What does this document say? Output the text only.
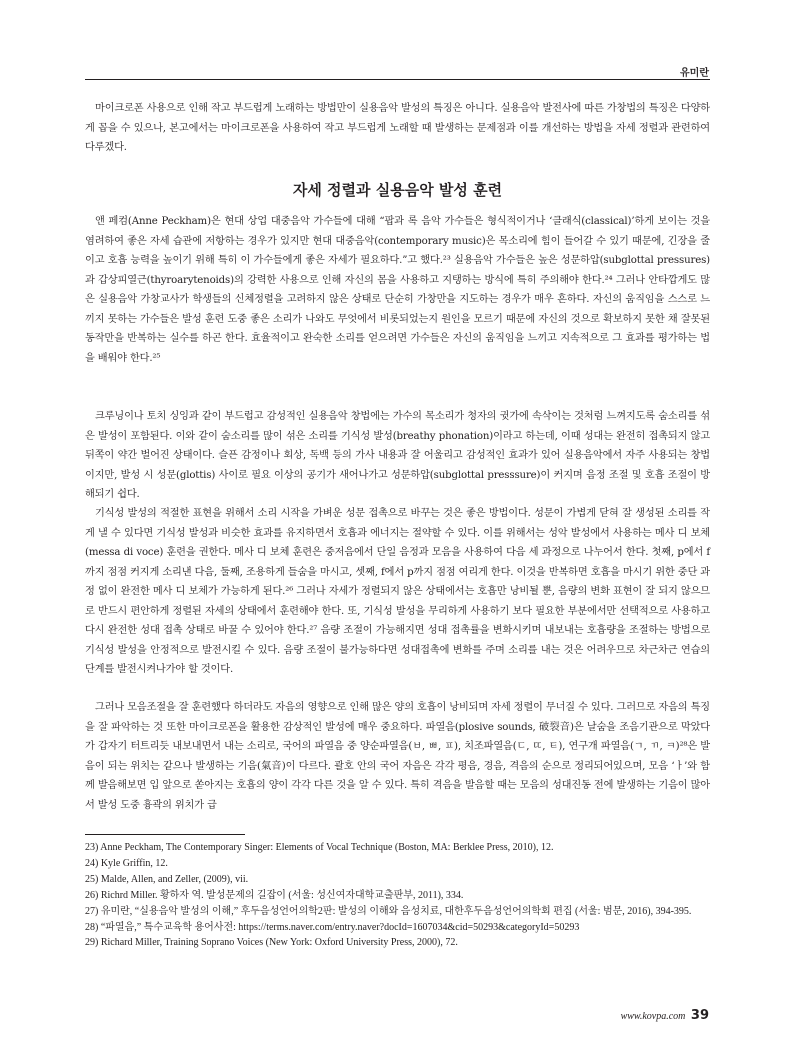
유미란

마이크로폰 사용으로 인해 작고 부드럽게 노래하는 방법만이 실용음악 발성의 특징은 아니다. 실용음악 발전사에 따른 가창법의 특징은 다양하게 꼽을 수 있으나, 본고에서는 마이크로폰을 사용하여 작고 부드럽게 노래할 때 발생하는 문제점과 이를 개선하는 방법을 자세 정렬과 관련하여 다루겠다.

자세 정렬과 실용음악 발성 훈련

앤 페컴(Anne Peckham)은 현대 상업 대중음악 가수들에 대해 “팝과 록 음악 가수들은 형식적이거나 ‘클래식(classical)’하게 보이는 것을 염려하여 좋은 자세 습관에 저항하는 경우가 있지만 현대 대중음악(contemporary music)은 목소리에 힘이 들어갈 수 있기 때문에, 긴장을 줄이고 호흡 능력을 높이기 위해 특히 이 가수들에게 좋은 자세가 필요하다.”고 했다.²³ 실용음악 가수들은 높은 성문하압(subglottal pressures)과 갑상피열근(thyroarytenoids)의 강력한 사용으로 인해 자신의 몸을 사용하고 지탱하는 방식에 특히 주의해야 한다.²⁴ 그러나 안타깝게도 많은 실용음악 가창교사가 학생들의 신체정렬을 고려하지 않은 상태로 단순히 가창만을 지도하는 경우가 매우 흔하다. 자신의 움직임을 스스로 느끼지 못하는 가수들은 발성 훈련 도중 좋은 소리가 나와도 무엇에서 비롯되었는지 원인을 모르기 때문에 자신의 것으로 확보하지 못한 채 잘못된 동작만을 반복하는 실수를 하곤 한다. 효율적이고 완숙한 소리를 얻으려면 가수들은 자신의 움직임을 느끼고 지속적으로 그 효과를 평가하는 법을 배워야 한다.²⁵

크루닝이나 토치 싱잉과 같이 부드럽고 감성적인 실용음악 창법에는 가수의 목소리가 청자의 귓가에 속삭이는 것처럼 느껴지도록 숨소리를 섞은 발성이 포함된다. 이와 같이 숨소리를 많이 섞은 소리를 기식성 발성(breathy phonation)이라고 하는데, 이때 성대는 완전히 접촉되지 않고 뒤쪽이 약간 벌어진 상태이다. 슬픈 감정이나 회상, 독백 등의 가사 내용과 잘 어울리고 감성적인 효과가 있어 실용음악에서 자주 사용되는 창법이지만, 발성 시 성문(glottis) 사이로 필요 이상의 공기가 새어나가고 성문하압(subglottal presssure)이 커지며 음정 조절 및 호흡 조절이 방해되기 쉽다.

기식성 발성의 적절한 표현을 위해서 소리 시작을 가벼운 성문 접촉으로 바꾸는 것은 좋은 방법이다. 성문이 가볍게 닫혀 잘 생성된 소리를 작게 낼 수 있다면 기식성 발성과 비슷한 효과를 유지하면서 호흡과 에너지는 절약할 수 있다. 이를 위해서는 성악 발성에서 사용하는 메사 디 보체(messa di voce) 훈련을 권한다. 메사 디 보체 훈련은 중저음에서 단일 음정과 모음을 사용하여 다음 세 과정으로 나누어서 한다. 첫째, p에서 f까지 점점 커지게 소리낸 다음, 둘째, 조용하게 들숨을 마시고, 셋째, f에서 p까지 점점 여리게 한다. 이것을 반복하면 호흡을 마시기 위한 중단 과정 없이 완전한 메사 디 보체가 가능하게 된다.²⁶ 그러나 자세가 정렬되지 않은 상태에서는 호흡만 낭비될 뿐, 음량의 변화 표현이 잘 되지 않으므로 반드시 편안하게 정렬된 자세의 상태에서 훈련해야 한다. 또, 기식성 발성을 무리하게 사용하기 보다 필요한 부분에서만 선택적으로 사용하고 다시 완전한 성대 접촉 상태로 바꿀 수 있어야 한다.²⁷ 음량 조절이 가능해지면 성대 접촉률을 변화시키며 내보내는 호흡량을 조절하는 방법으로 기식성 발성을 안정적으로 발전시킬 수 있다. 음량 조절이 불가능하다면 성대접촉에 변화를 주며 소리를 내는 것은 어려우므로 차근차근 연습의 단계를 발전시켜나가야 할 것이다.

그러나 모음조절을 잘 훈련했다 하더라도 자음의 영향으로 인해 많은 양의 호흡이 낭비되며 자세 정렬이 무너질 수 있다. 그러므로 자음의 특징을 잘 파악하는 것 또한 마이크로폰을 활용한 감상적인 발성에 매우 중요하다. 파열음(plosive sounds, 破裂音)은 날숨을 조음기관으로 막았다가 갑자기 터트리듯 내보내면서 내는 소리로, 국어의 파열음 중 양순파열음(ㅂ, ㅃ, ㅍ), 치조파열음(ㄷ, ㄸ, ㅌ), 연구개 파열음(ㄱ, ㄲ, ㅋ)²⁸은 발음이 되는 위치는 같으나 발생하는 기음(氣音)이 다르다. 괄호 안의 국어 자음은 각각 평음, 경음, 격음의 순으로 정리되어있으며, 모음 ‘ㅏ’와 함께 발음해보면 입 앞으로 쏟아지는 호흡의 양이 각각 다른 것을 알 수 있다. 특히 격음을 발음할 때는 모음의 성대진동 전에 발생하는 기음이 많아서 발성 도중 흉곽의 위치가 급

23) Anne Peckham, The Contemporary Singer: Elements of Vocal Technique (Boston, MA: Berklee Press, 2010), 12.
24) Kyle Griffin, 12.
25) Malde, Allen, and Zeller, (2009), vii.
26) Richrd Miller. 황하자 역. 발성문제의 길잡이 (서울: 성신여자대학교출판부, 2011), 334.
27) 유미란, “실용음악 발성의 이해,” 후두음성언어의학2판: 발성의 이해와 음성치료, 대한후두음성언어의학회 편집 (서울: 범문, 2016), 394-395.
28) “파열음,” 특수교육학 용어사전: https://terms.naver.com/entry.naver?docId=1607034&cid=50293&categoryId=50293
29) Richard Miller, Training Soprano Voices (New York: Oxford University Press, 2000), 72.
www.kovpa.com 39
